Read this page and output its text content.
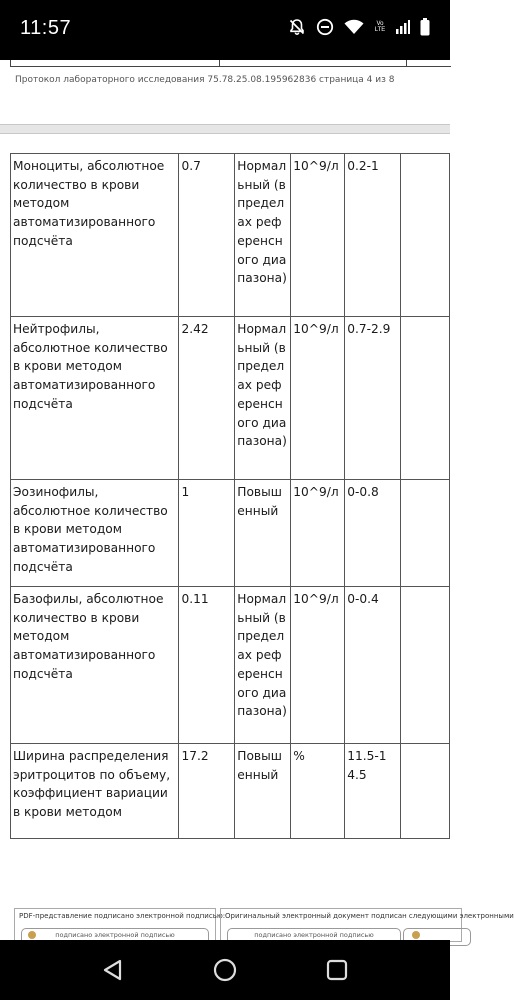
11:57	Vo LTE
Протокол лабораторного исследования 75.78.25.08.195962836 страница 4 из 8
Моноциты, абсолютное количество в крови методом автоматизированного подсчёта	0.7	Нормальный (в пределах референсного диапазона)	10^9/л	0.2-1	
Нейтрофилы, абсолютное количество в крови методом автоматизированного подсчёта	2.42	Нормальный (в пределах референсного диапазона)	10^9/л	0.7-2.9	
Эозинофилы, абсолютное количество в крови методом автоматизированного подсчёта	1	Повышенный	10^9/л	0-0.8	
Базофилы, абсолютное количество в крови методом автоматизированного подсчёта	0.11	Нормальный (в пределах референсного диапазона)	10^9/л	0-0.4	
Ширина распределения эритроцитов по объему, коэффициент вариации в крови методом	17.2	Повышенный	%	11.5-14.5	
PDF-представление подписано электронной подписью:
подписано электронной подписью
Оригинальный электронный документ подписан следующими электронными
подписано электронной подписью
